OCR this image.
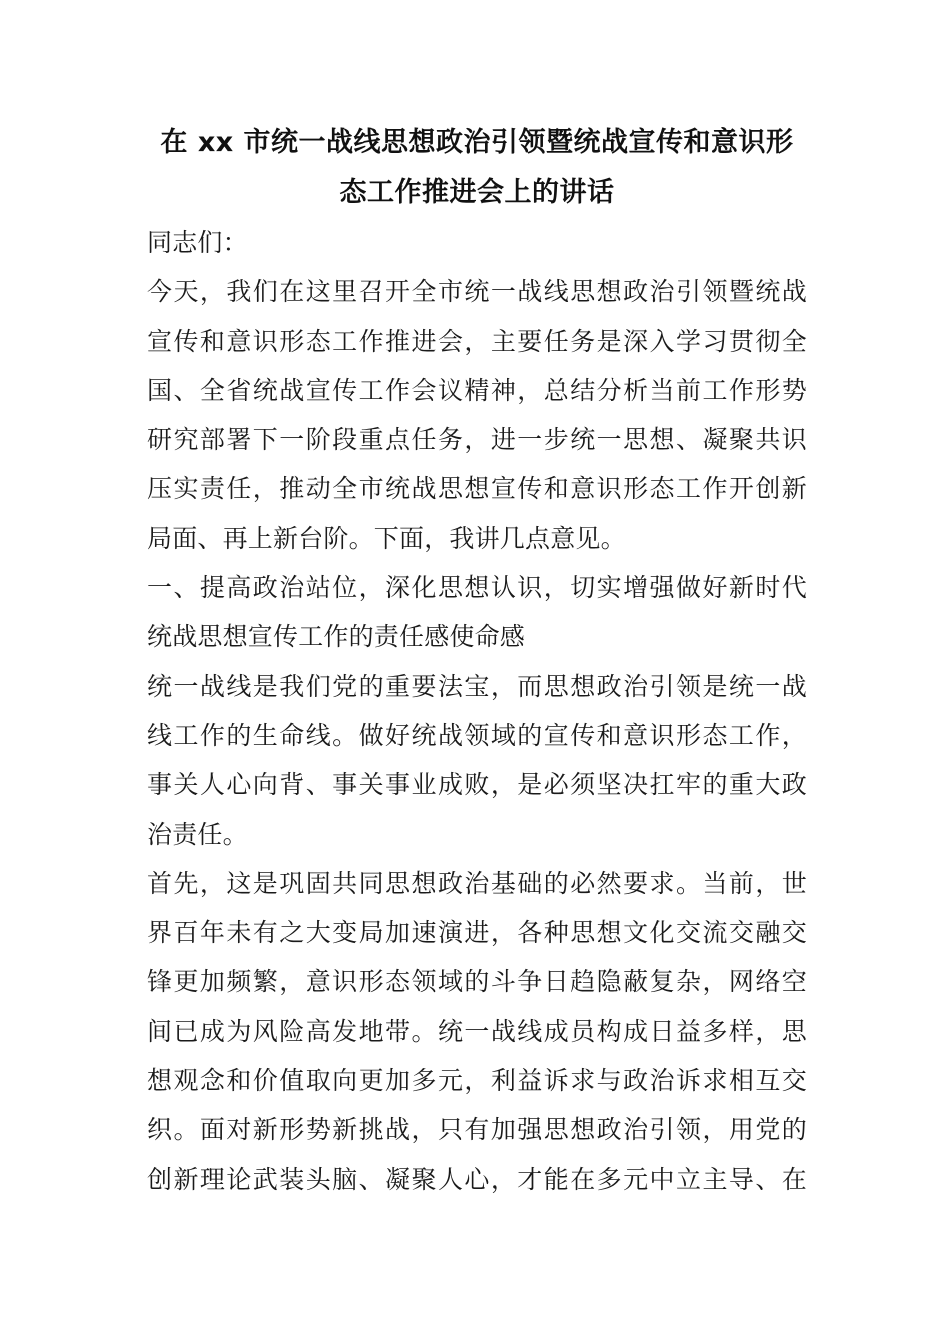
在 xx 市统一战线思想政治引领暨统战宣传和意识形
态工作推进会上的讲话

同志们：

今天，我们在这里召开全市统一战线思想政治引领暨统战
宣传和意识形态工作推进会，主要任务是深入学习贯彻全
国、全省统战宣传工作会议精神，总结分析当前工作形势
研究部署下一阶段重点任务，进一步统一思想、凝聚共识
压实责任，推动全市统战思想宣传和意识形态工作开创新
局面、再上新台阶。下面，我讲几点意见。

一、提高政治站位，深化思想认识，切实增强做好新时代
统战思想宣传工作的责任感使命感

统一战线是我们党的重要法宝，而思想政治引领是统一战
线工作的生命线。做好统战领域的宣传和意识形态工作，
事关人心向背、事关事业成败，是必须坚决扛牢的重大政
治责任。

首先，这是巩固共同思想政治基础的必然要求。当前，世
界百年未有之大变局加速演进，各种思想文化交流交融交
锋更加频繁，意识形态领域的斗争日趋隐蔽复杂，网络空
间已成为风险高发地带。统一战线成员构成日益多样，思
想观念和价值取向更加多元，利益诉求与政治诉求相互交
织。面对新形势新挑战，只有加强思想政治引领，用党的
创新理论武装头脑、凝聚人心，才能在多元中立主导、在
